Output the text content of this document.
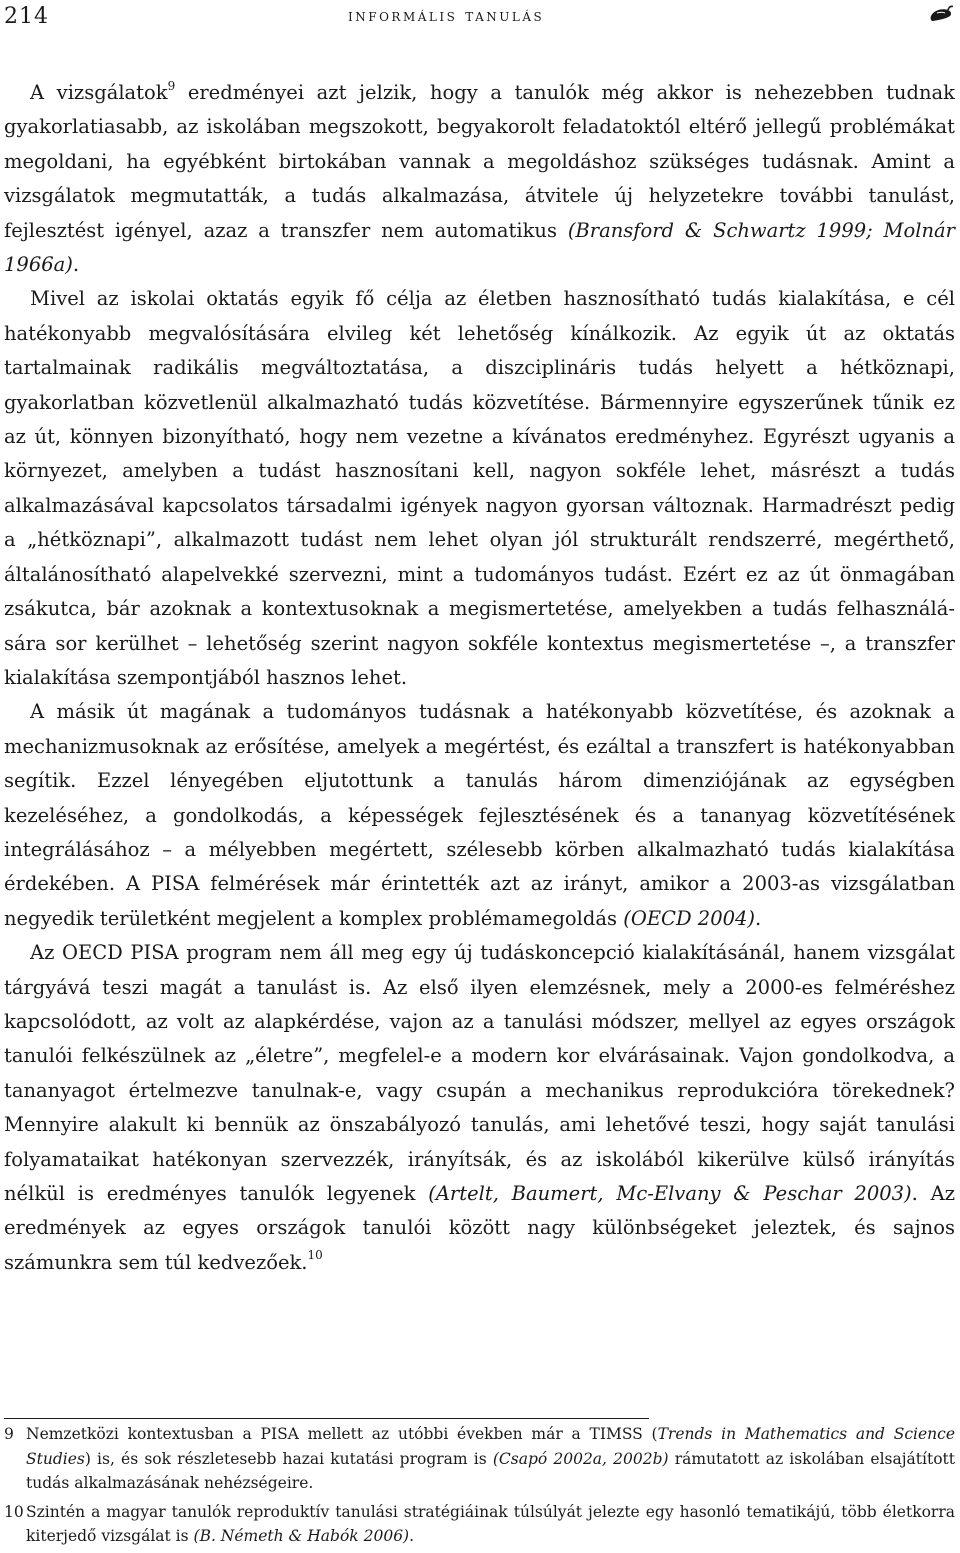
214	informális tanulás

A vizsgálatok$^9$ eredményei azt jelzik, hogy a tanulók még akkor is nehezebben tudnak gyakorlatiasabb, az iskolában megszokott, begyakorolt feladatoktól eltérő jellegű problémákat megoldani, ha egyébként birtokában vannak a megoldáshoz szükséges tudásnak. Amint a vizsgálatok megmutatták, a tudás alkalmazása, átvitele új helyzetekre további tanulást, fejlesztést igényel, azaz a transzfer nem automatikus (Bransford & Schwartz 1999; Molnár 1966a).

Mivel az iskolai oktatás egyik fő célja az életben hasznosítható tudás kialakítása, e cél hatékonyabb megvalósítására elvileg két lehetőség kínálkozik. Az egyik út az oktatás tartalmainak radikális megváltoztatása, a diszciplináris tudás helyett a hétköznapi, gyakorlatban közvetlenül alkalmazható tudás közvetítése. Bármennyire egyszerűnek tűnik ez az út, könnyen bizonyítható, hogy nem vezetne a kívánatos eredményhez. Egyrészt ugyanis a környezet, amelyben a tudást hasznosítani kell, nagyon sokféle lehet, másrészt a tudás alkalmazásával kapcsolatos társadalmi igények nagyon gyorsan változnak. Harmadrészt pedig a „hétköznapi”, alkalmazott tudást nem lehet olyan jól strukturált rendszerré, megérthető, általánosítható alapelvekké szervezni, mint a tudományos tudást. Ezért ez az út önmagában zsákutca, bár azoknak a kontextusoknak a megismertetése, amelyekben a tudás felhasználására sor kerülhet – lehetőség szerint nagyon sokféle kontextus megismertetése –, a transzfer kialakítása szempontjából hasznos lehet.

A másik út magának a tudományos tudásnak a hatékonyabb közvetítése, és azoknak a mechanizmusoknak az erősítése, amelyek a megértést, és ezáltal a transzfert is hatékonyabban segítik. Ezzel lényegében eljutottunk a tanulás három dimenziójának az egységben kezeléséhez, a gondolkodás, a képességek fejlesztésének és a tananyag közvetítésének integrálásához – a mélyebben megértett, szélesebb körben alkalmazható tudás kialakítása érdekében. A PISA felmérések már érintették azt az irányt, amikor a 2003-as vizsgálatban negyedik területként megjelent a komplex problémamegoldás (OECD 2004).

Az OECD PISA program nem áll meg egy új tudáskoncepció kialakításánál, hanem vizsgálat tárgyává teszi magát a tanulást is. Az első ilyen elemzésnek, mely a 2000-es felméréshez kapcsolódott, az volt az alapkérdése, vajon az a tanulási módszer, mellyel az egyes országok tanulói felkészülnek az „életre”, megfelel-e a modern kor elvárásainak. Vajon gondolkodva, a tananyagot értelmezve tanulnak-e, vagy csupán a mechanikus reprodukcióra törekednek? Mennyire alakult ki bennük az önszabályozó tanulás, ami lehetővé teszi, hogy saját tanulási folyamataikat hatékonyan szervezzék, irányítsák, és az iskolából kikerülve külső irányítás nélkül is eredményes tanulók legyenek (Artelt, Baumert, Mc-Elvany & Peschar 2003). Az eredmények az egyes országok tanulói között nagy különbségeket jeleztek, és sajnos számunkra sem túl kedvezőek.$^{10}$

9 Nemzetközi kontextusban a PISA mellett az utóbbi években már a TIMSS (Trends in Mathematics and Science Studies) is, és sok részletesebb hazai kutatási program is (Csapó 2002a, 2002b) rámutatott az iskolában elsajátított tudás alkalmazásának nehézségeire.

10 Szintén a magyar tanulók reproduktív tanulási stratégiáinak túlsúlyát jelezte egy hasonló tematikájú, több életkorra kiterjedő vizsgálat is (B. Németh & Habók 2006).
